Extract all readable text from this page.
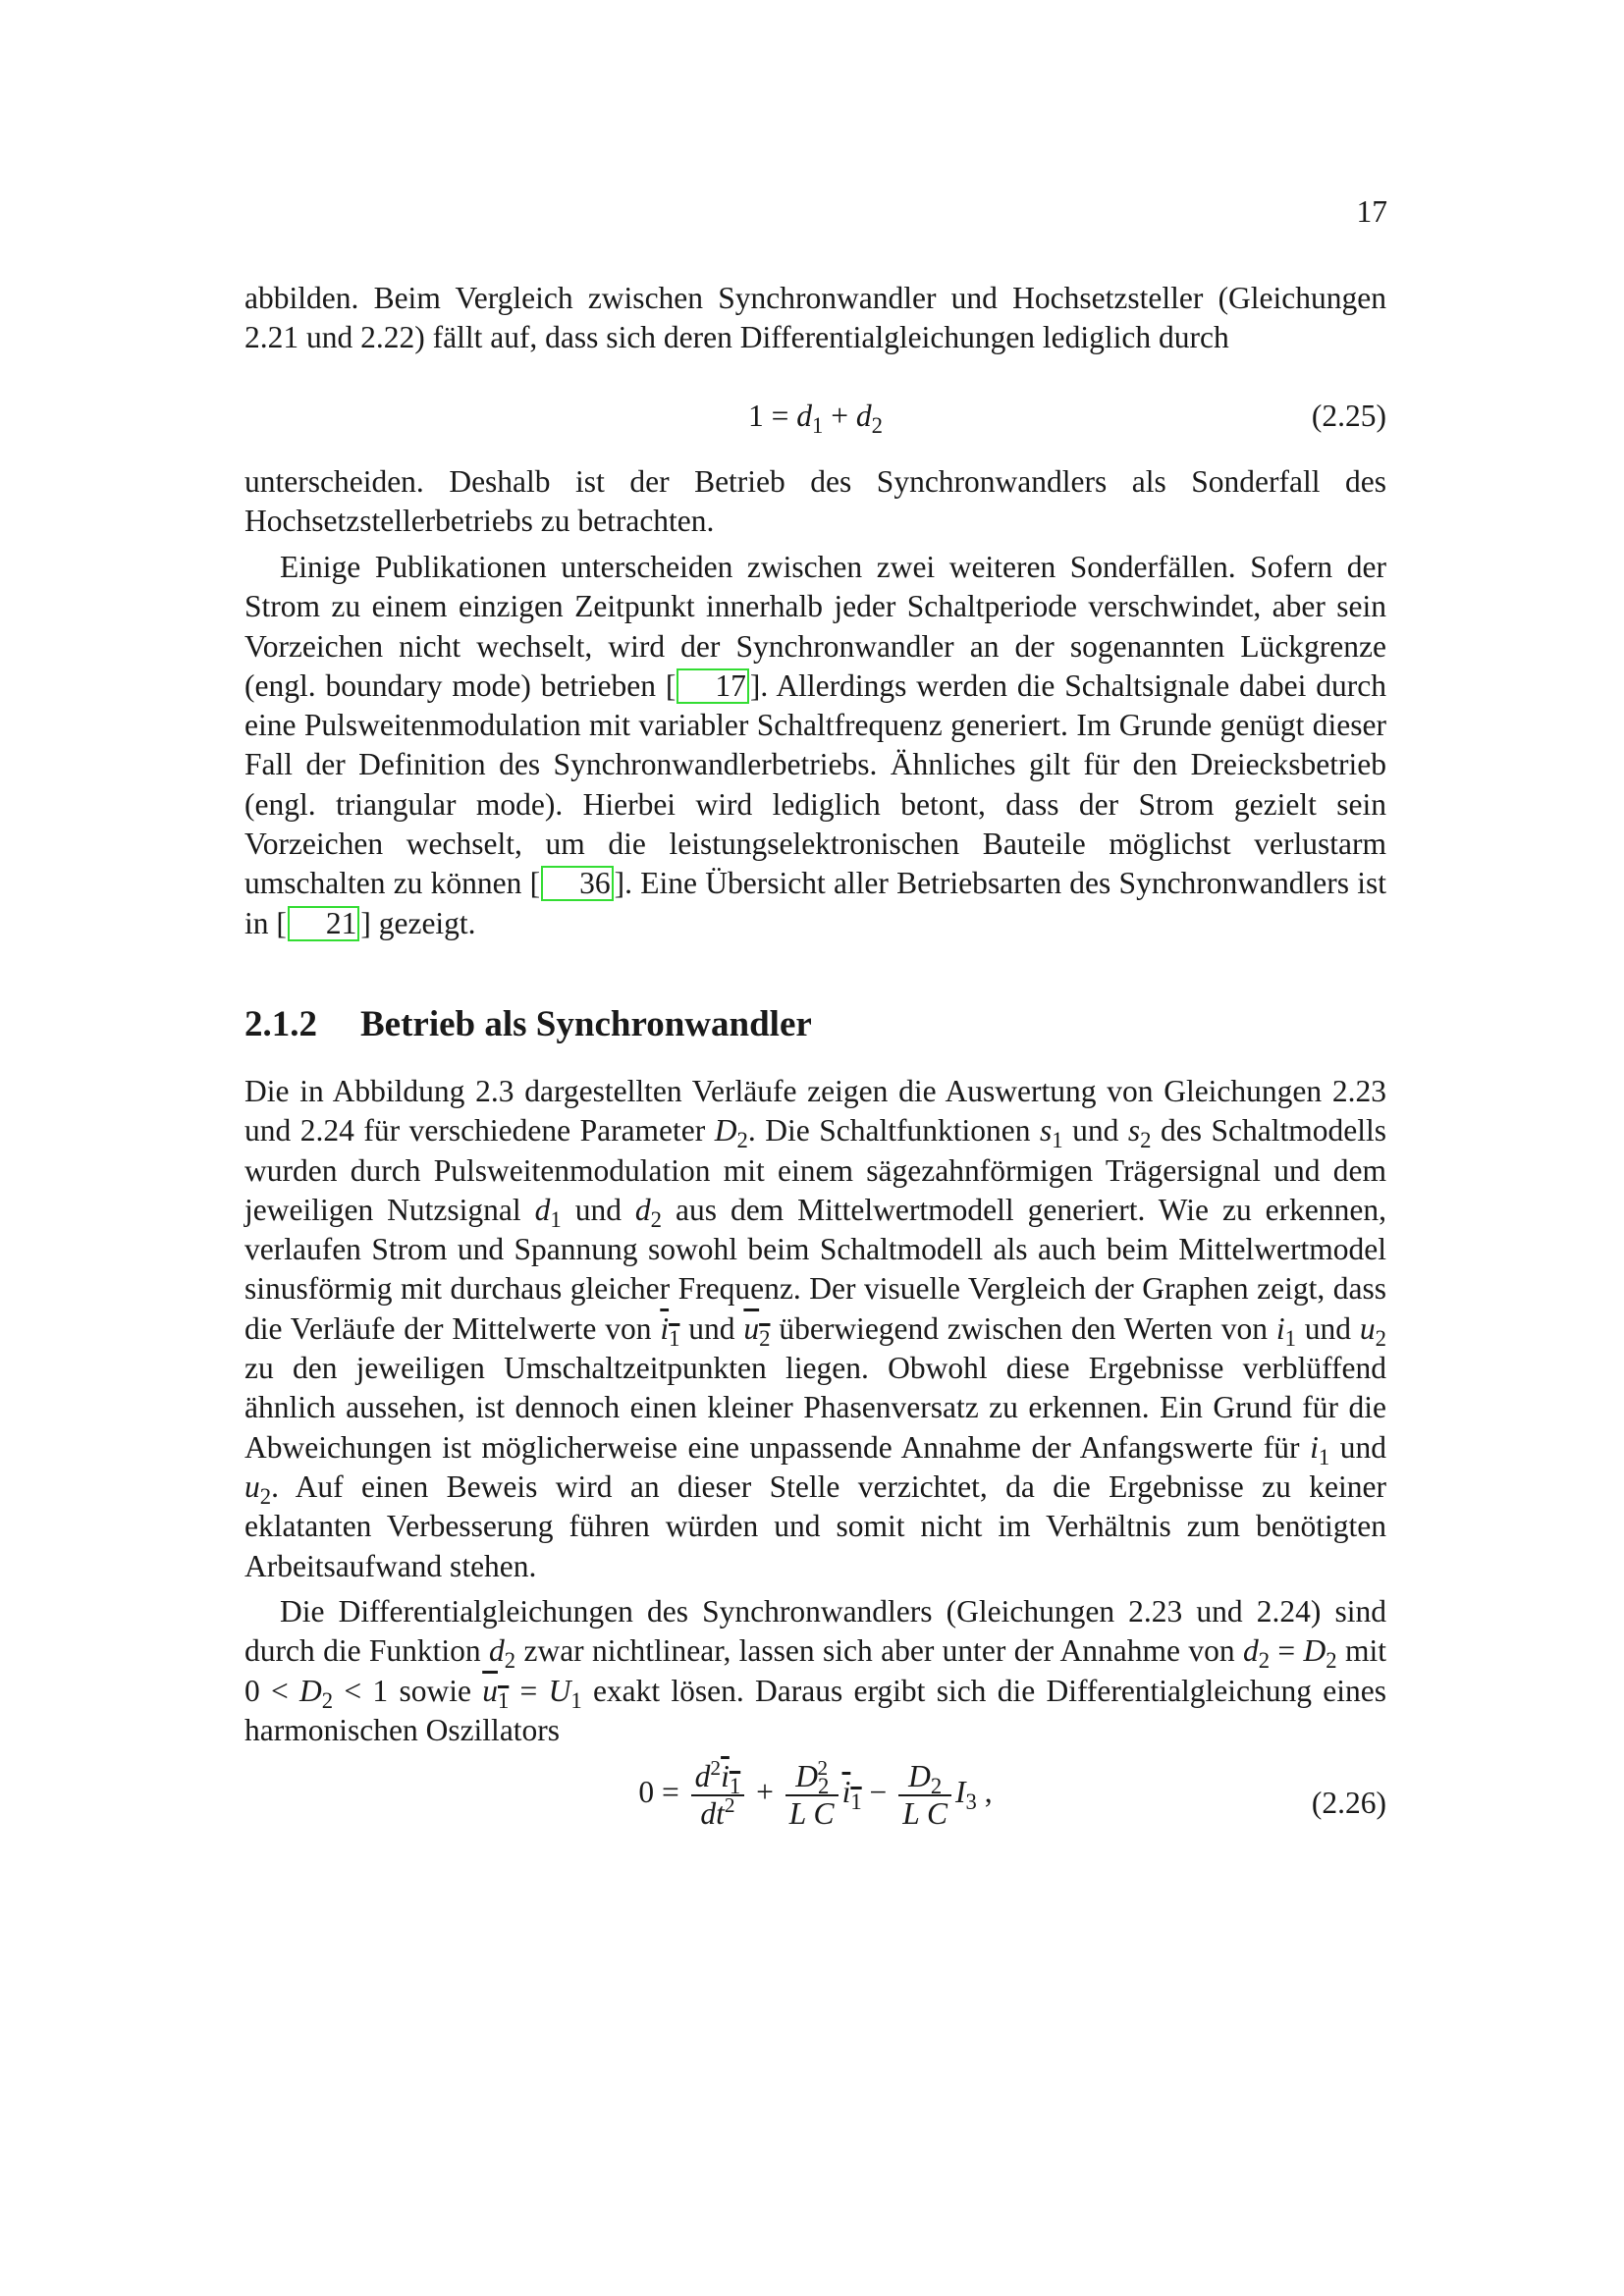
17

abbilden. Beim Vergleich zwischen Synchronwandler und Hochsetzsteller (Gleichungen 2.21 und 2.22) fällt auf, dass sich deren Differentialgleichungen lediglich durch

$1 = d_1 + d_2$	(2.25)

unterscheiden. Deshalb ist der Betrieb des Synchronwandlers als Sonderfall des Hochsetzstellerbetriebs zu betrachten.

Einige Publikationen unterscheiden zwischen zwei weiteren Sonderfällen. Sofern der Strom zu einem einzigen Zeitpunkt innerhalb jeder Schaltperiode verschwindet, aber sein Vorzeichen nicht wechselt, wird der Synchronwandler an der sogenannten Lückgrenze (engl. boundary mode) betrieben [ 17 ]. Allerdings werden die Schaltsignale dabei durch eine Pulsweitenmodulation mit variabler Schaltfrequenz generiert. Im Grunde genügt dieser Fall der Definition des Synchronwandlerbetriebs. Ähnliches gilt für den Dreiecksbetrieb (engl. triangular mode). Hierbei wird lediglich betont, dass der Strom gezielt sein Vorzeichen wechselt, um die leistungselektronischen Bauteile möglichst verlustarm umschalten zu können [ 36 ]. Eine Übersicht aller Betriebsarten des Synchronwandlers ist in [ 21 ] gezeigt.

2.1.2 Betrieb als Synchronwandler

Die in Abbildung 2.3 dargestellten Verläufe zeigen die Auswertung von Gleichungen 2.23 und 2.24 für verschiedene Parameter $D_2$. Die Schaltfunktionen $s_1$ und $s_2$ des Schaltmodells wurden durch Pulsweitenmodulation mit einem sägezahnförmigen Trägersignal und dem jeweiligen Nutzsignal $d_1$ und $d_2$ aus dem Mittelwertmodell generiert. Wie zu erkennen, verlaufen Strom und Spannung sowohl beim Schaltmodell als auch beim Mittelwertmodel sinusförmig mit durchaus gleicher Frequenz. Der visuelle Vergleich der Graphen zeigt, dass die Verläufe der Mittelwerte von $i_1$ und $u_2$ überwiegend zwischen den Werten von $i_1$ und $u_2$ zu den jeweiligen Umschaltzeitpunkten liegen. Obwohl diese Ergebnisse verblüffend ähnlich aussehen, ist dennoch einen kleiner Phasenversatz zu erkennen. Ein Grund für die Abweichungen ist möglicherweise eine unpassende Annahme der Anfangswerte für $i_1$ und $u_2$. Auf einen Beweis wird an dieser Stelle verzichtet, da die Ergebnisse zu keiner eklatanten Verbesserung führen würden und somit nicht im Verhältnis zum benötigten Arbeitsaufwand stehen.

Die Differentialgleichungen des Synchronwandlers (Gleichungen 2.23 und 2.24) sind durch die Funktion $d_2$ zwar nichtlinear, lassen sich aber unter der Annahme von $d_2 = D_2$ mit $0 < D_2 < 1$ sowie $u_1 = U_1$ exakt lösen. Daraus ergibt sich die Differentialgleichung eines harmonischen Oszillators

$0 = \frac{d^2i_1}{dt^2} + \frac{D_2^2}{\text{L C}} i_1 - \frac{D_2}{\text{L C}} I_3$ ,	(2.26)
